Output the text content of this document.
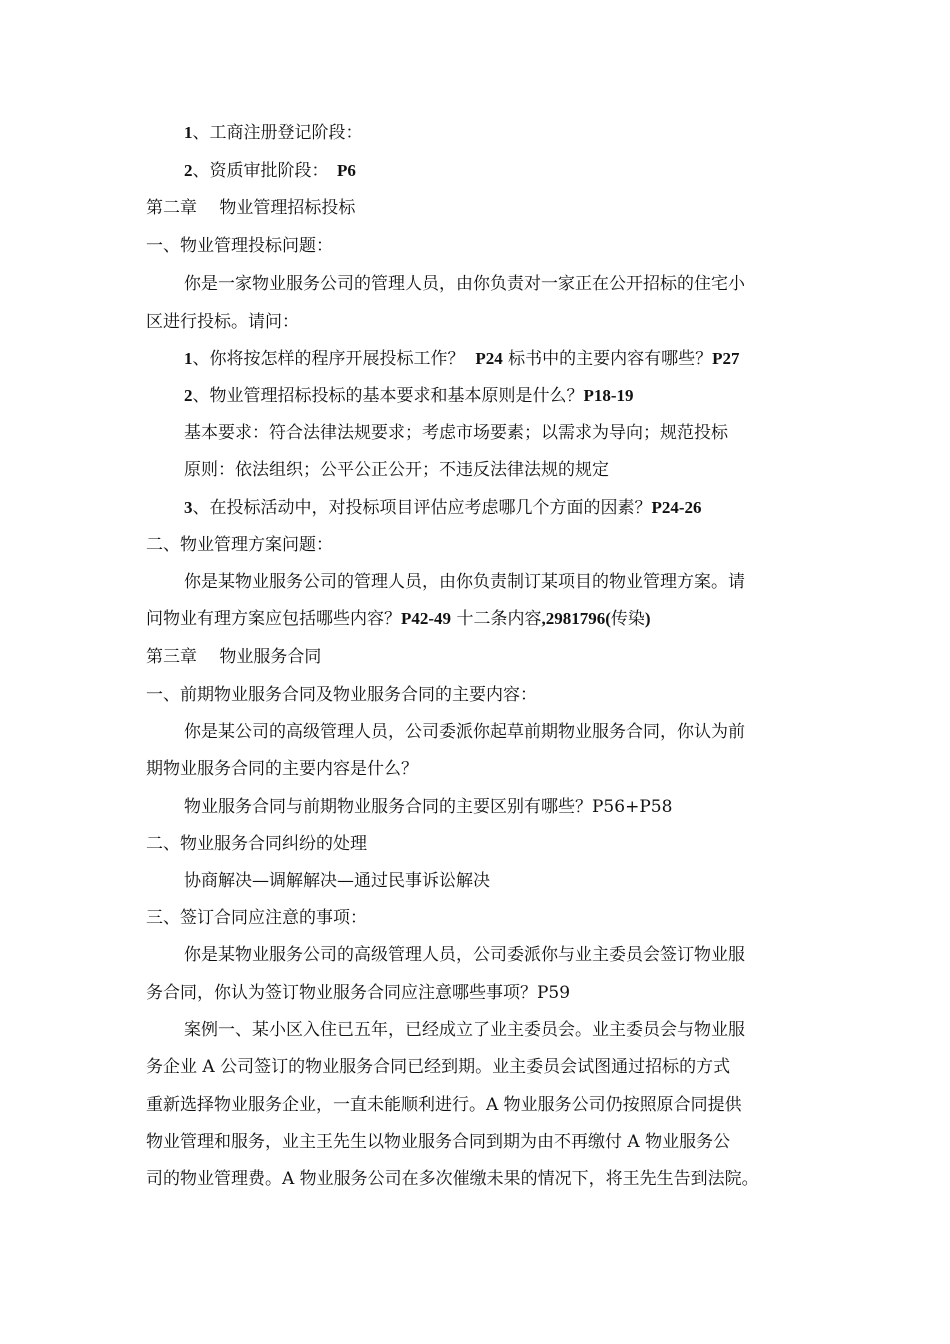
1、工商注册登记阶段：
2、资质审批阶段： P6
第二章　 物业管理招标投标
一、物业管理投标问题：
你是一家物业服务公司的管理人员，由你负责对一家正在公开招标的住宅小
区进行投标。请问：
1、你将按怎样的程序开展投标工作？ P24 标书中的主要内容有哪些？P27
2、物业管理招标投标的基本要求和基本原则是什么？P18-19
基本要求：符合法律法规要求；考虑市场要素；以需求为导向；规范投标
原则：依法组织；公平公正公开；不违反法律法规的规定
3、在投标活动中，对投标项目评估应考虑哪几个方面的因素？P24-26
二、物业管理方案问题：
你是某物业服务公司的管理人员，由你负责制订某项目的物业管理方案。请
问物业有理方案应包括哪些内容？P42-49 十二条内容,2981796(传染)
第三章　 物业服务合同
一、前期物业服务合同及物业服务合同的主要内容：
你是某公司的高级管理人员，公司委派你起草前期物业服务合同，你认为前
期物业服务合同的主要内容是什么？
物业服务合同与前期物业服务合同的主要区别有哪些？P56+P58
二、物业服务合同纠纷的处理
协商解决—调解解决—通过民事诉讼解决
三、签订合同应注意的事项：
你是某物业服务公司的高级管理人员，公司委派你与业主委员会签订物业服
务合同，你认为签订物业服务合同应注意哪些事项？P59
案例一、某小区入住已五年，已经成立了业主委员会。业主委员会与物业服
务企业 A 公司签订的物业服务合同已经到期。业主委员会试图通过招标的方式
重新选择物业服务企业，一直未能顺利进行。A 物业服务公司仍按照原合同提供
物业管理和服务，业主王先生以物业服务合同到期为由不再缴付 A 物业服务公
司的物业管理费。A 物业服务公司在多次催缴未果的情况下，将王先生告到法院。
